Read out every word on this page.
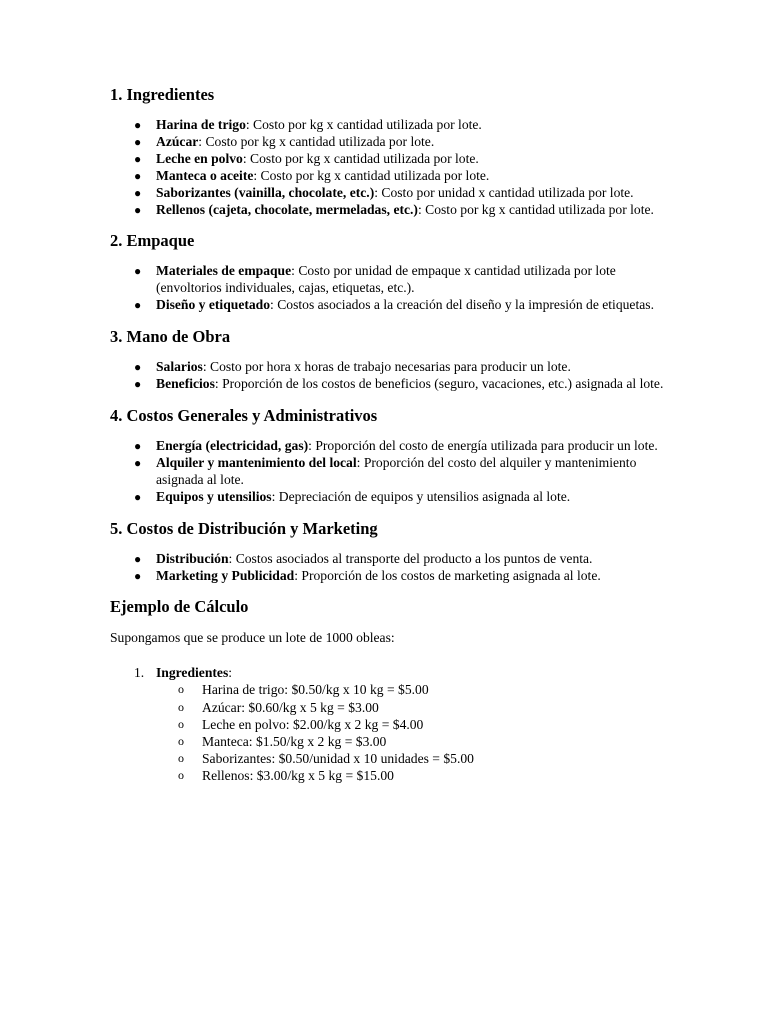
1. Ingredientes
● Harina de trigo: Costo por kg x cantidad utilizada por lote.
● Azúcar: Costo por kg x cantidad utilizada por lote.
● Leche en polvo: Costo por kg x cantidad utilizada por lote.
● Manteca o aceite: Costo por kg x cantidad utilizada por lote.
● Saborizantes (vainilla, chocolate, etc.): Costo por unidad x cantidad utilizada por lote.
● Rellenos (cajeta, chocolate, mermeladas, etc.): Costo por kg x cantidad utilizada por lote.
2. Empaque
● Materiales de empaque: Costo por unidad de empaque x cantidad utilizada por lote (envoltorios individuales, cajas, etiquetas, etc.).
● Diseño y etiquetado: Costos asociados a la creación del diseño y la impresión de etiquetas.
3. Mano de Obra
● Salarios: Costo por hora x horas de trabajo necesarias para producir un lote.
● Beneficios: Proporción de los costos de beneficios (seguro, vacaciones, etc.) asignada al lote.
4. Costos Generales y Administrativos
● Energía (electricidad, gas): Proporción del costo de energía utilizada para producir un lote.
● Alquiler y mantenimiento del local: Proporción del costo del alquiler y mantenimiento asignada al lote.
● Equipos y utensilios: Depreciación de equipos y utensilios asignada al lote.
5. Costos de Distribución y Marketing
● Distribución: Costos asociados al transporte del producto a los puntos de venta.
● Marketing y Publicidad: Proporción de los costos de marketing asignada al lote.
Ejemplo de Cálculo

Supongamos que se produce un lote de 1000 obleas:

1. Ingredientes:
o Harina de trigo: $0.50/kg x 10 kg = $5.00
o Azúcar: $0.60/kg x 5 kg = $3.00
o Leche en polvo: $2.00/kg x 2 kg = $4.00
o Manteca: $1.50/kg x 2 kg = $3.00
o Saborizantes: $0.50/unidad x 10 unidades = $5.00
o Rellenos: $3.00/kg x 5 kg = $15.00
